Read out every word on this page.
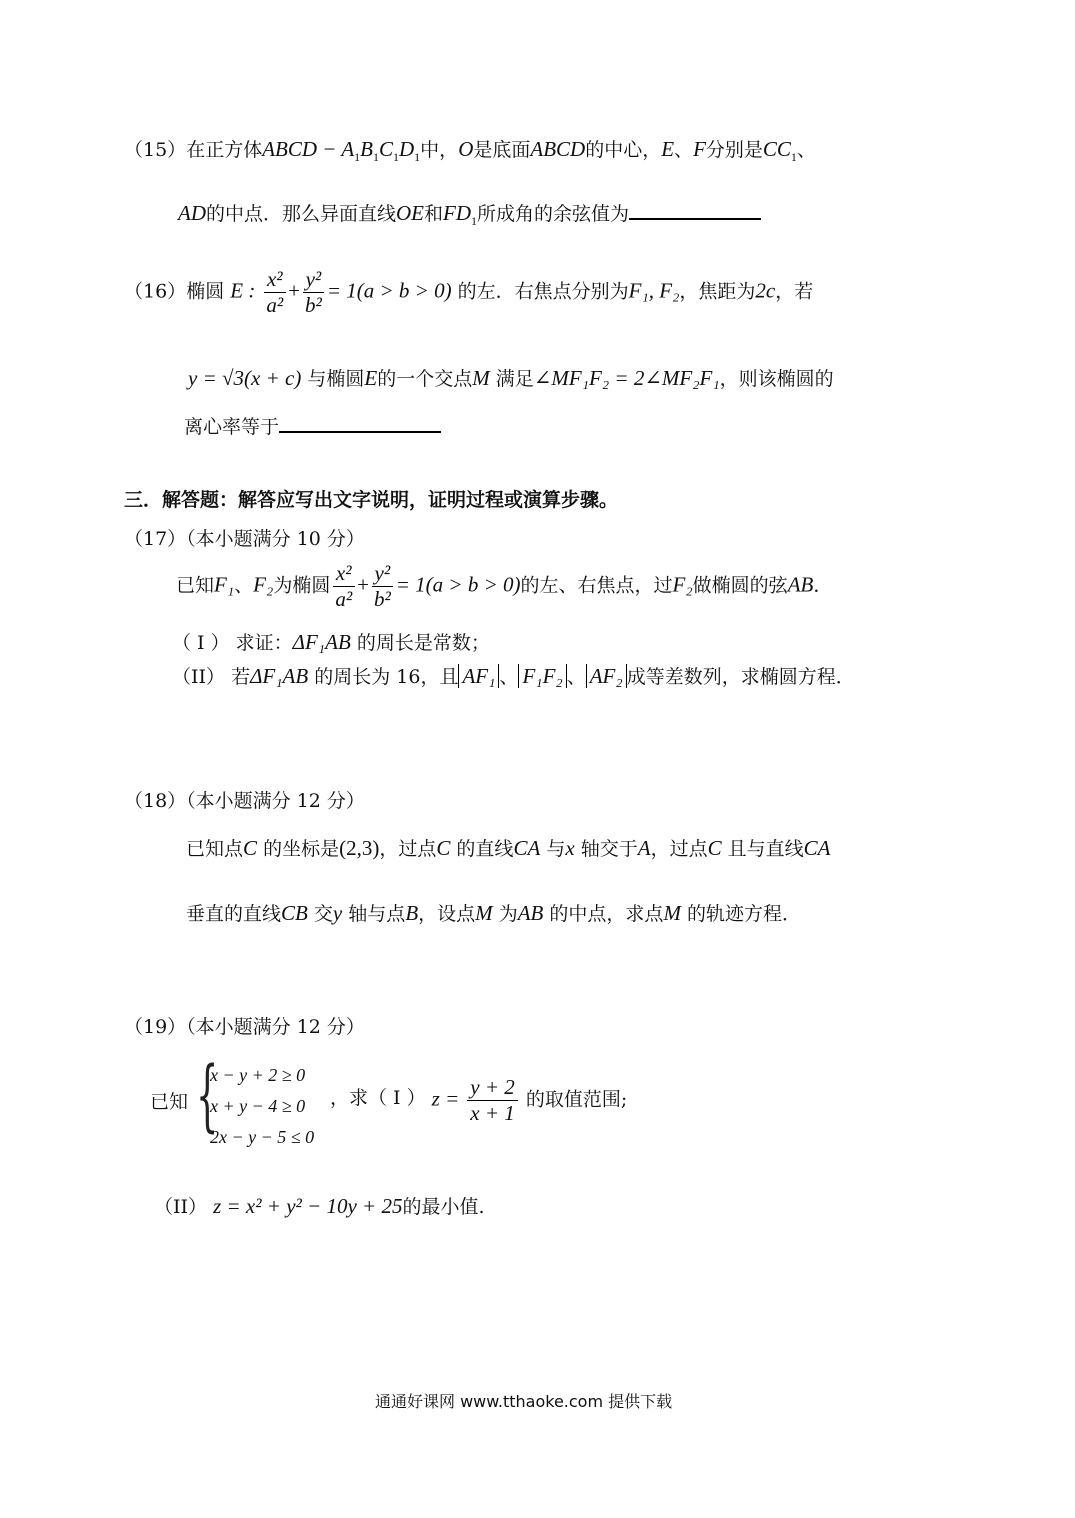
（15）在正方体ABCD − $A_1B_1C_1D_1$中，O是底面ABCD的中心，E、F分别是$CC_1$、
AD的中点．那么异面直线OE和$FD_1$所成角的余弦值为
（16）椭圆 E : $\frac{\text{x²}}{\text{a²}} + \frac{\text{y²}}{\text{b²}} = 1(a > b > 0)$ 的左．右焦点分别为F₁, F₂，焦距为2c，若
y = √3(x + c) 与椭圆E的一个交点M 满足∠MF₁F₂ = 2∠MF₂F₁，则该椭圆的
离心率等于
三．解答题：解答应写出文字说明，证明过程或演算步骤。
（17）（本小题满分 10 分）
已知F₁、F₂为椭圆 $\frac{\text{x²}}{\text{a²}} + \frac{\text{y²}}{\text{b²}} = 1(a > b > 0)$的左、右焦点，过F₂做椭圆的弦AB．
（ I ） 求证：ΔF₁AB 的周长是常数；
（II） 若ΔF₁AB 的周长为 16，且 AF₁ 、 F₁F₂ 、 AF₂ 成等差数列，求椭圆方程．
（18）（本小题满分 12 分）
已知点C 的坐标是(2,3)，过点C 的直线CA 与x 轴交于A，过点C 且与直线CA
垂直的直线CB 交y 轴与点B，设点M 为AB 的中点，求点M 的轨迹方程．
（19）（本小题满分 12 分）
已知 {
x − y + 2 ≥ 0
x + y − 4 ≥ 0
2x − y − 5 ≤ 0
，求（ I ） $z = \frac{y + 2}{x + 1}$ 的取值范围;
（II） z = x² + y² − 10y + 25的最小值.
通通好课网 www.tthaoke.com 提供下载
